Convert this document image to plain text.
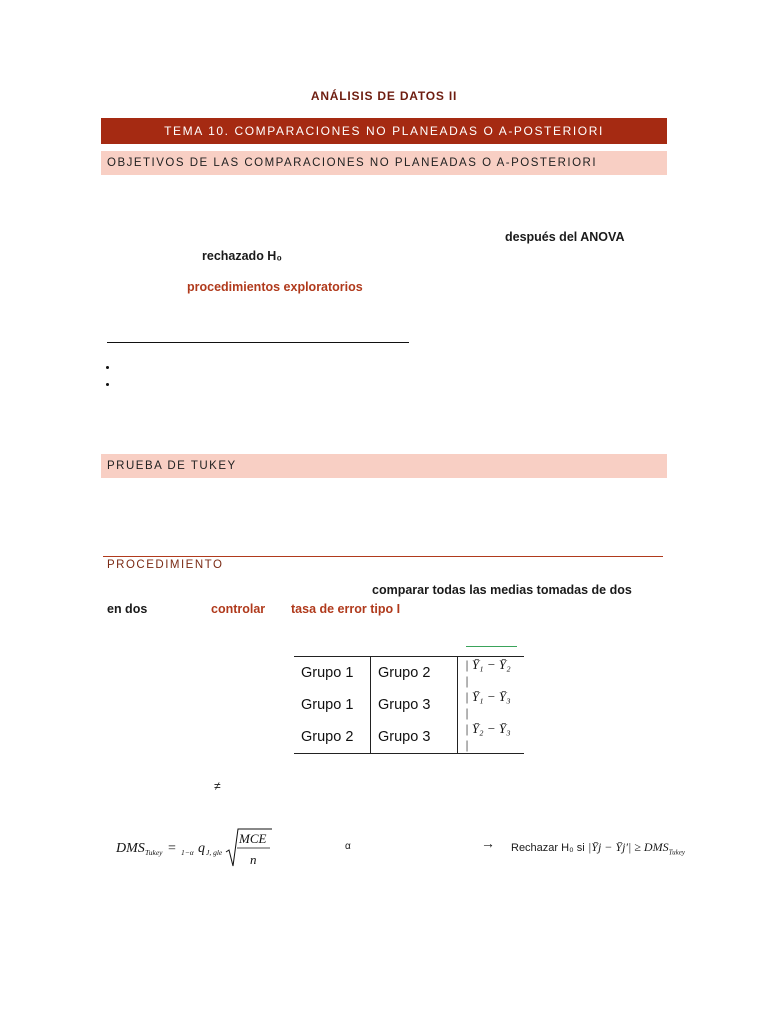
ANÁLISIS DE DATOS II
TEMA 10. COMPARACIONES NO PLANEADAS O A-POSTERIORI
OBJETIVOS DE LAS COMPARACIONES NO PLANEADAS O A-POSTERIORI
después del ANOVA
rechazado H₀
procedimientos exploratorios
PRUEBA DE TUKEY
PROCEDIMIENTO
comparar todas las medias tomadas de dos
en dos	controlar tasa de error tipo I
Grupo 1	Grupo 2	| Ȳ₁ − Ȳ₂ |
Grupo 1	Grupo 3	| Ȳ₁ − Ȳ₃ |
Grupo 2	Grupo 3	| Ȳ₂ − Ȳ₃ |
≠
DMS Tukey = 1−α q J, gle
MCE
n
α	→ Rechazar H₀ si |Ȳj − Ȳj′| ≥ $DMS_{Tukey}$
